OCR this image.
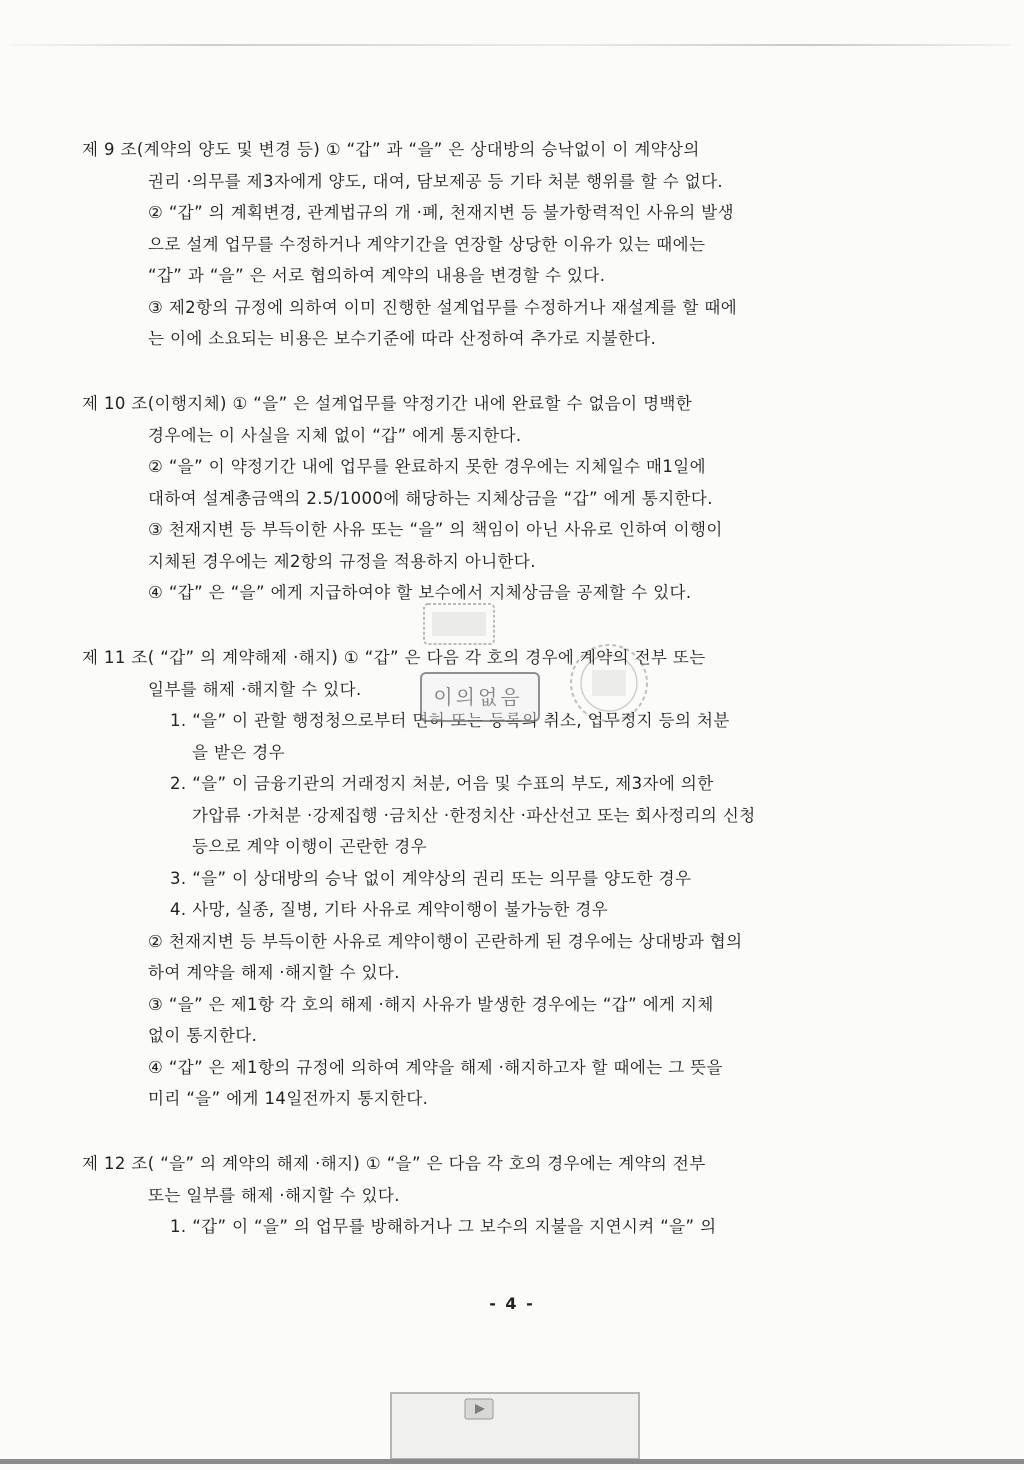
제 9 조(계약의 양도 및 변경 등) ① “갑” 과 “을” 은 상대방의 승낙없이 이 계약상의
권리 ·의무를 제3자에게 양도, 대여, 담보제공 등 기타 처분 행위를 할 수 없다.
② “갑” 의 계획변경, 관계법규의 개 ·폐, 천재지변 등 불가항력적인 사유의 발생
으로 설계 업무를 수정하거나 계약기간을 연장할 상당한 이유가 있는 때에는
“갑” 과 “을” 은 서로 협의하여 계약의 내용을 변경할 수 있다.
③ 제2항의 규정에 의하여 이미 진행한 설계업무를 수정하거나 재설계를 할 때에
는 이에 소요되는 비용은 보수기준에 따라 산정하여 추가로 지불한다.
제 10 조(이행지체) ① “을” 은 설계업무를 약정기간 내에 완료할 수 없음이 명백한
경우에는 이 사실을 지체 없이 “갑” 에게 통지한다.
② “을” 이 약정기간 내에 업무를 완료하지 못한 경우에는 지체일수 매1일에
대하여 설계총금액의 2.5/1000에 해당하는 지체상금을 “갑” 에게 통지한다.
③ 천재지변 등 부득이한 사유 또는 “을” 의 책임이 아닌 사유로 인하여 이행이
지체된 경우에는 제2항의 규정을 적용하지 아니한다.
④ “갑” 은 “을” 에게 지급하여야 할 보수에서 지체상금을 공제할 수 있다.
제 11 조( “갑” 의 계약해제 ·해지) ① “갑” 은 다음 각 호의 경우에 계약의 전부 또는
일부를 해제 ·해지할 수 있다.
1. “을” 이 관할 행정청으로부터 면허 또는 등록의 취소, 업무정지 등의 처분
을 받은 경우
2. “을” 이 금융기관의 거래정지 처분, 어음 및 수표의 부도, 제3자에 의한
가압류 ·가처분 ·강제집행 ·금치산 ·한정치산 ·파산선고 또는 회사정리의 신청
등으로 계약 이행이 곤란한 경우
3. “을” 이 상대방의 승낙 없이 계약상의 권리 또는 의무를 양도한 경우
4. 사망, 실종, 질병, 기타 사유로 계약이행이 불가능한 경우
② 천재지변 등 부득이한 사유로 계약이행이 곤란하게 된 경우에는 상대방과 협의
하여 계약을 해제 ·해지할 수 있다.
③ “을” 은 제1항 각 호의 해제 ·해지 사유가 발생한 경우에는 “갑” 에게 지체
없이 통지한다.
④ “갑” 은 제1항의 규정에 의하여 계약을 해제 ·해지하고자 할 때에는 그 뜻을
미리 “을” 에게 14일전까지 통지한다.
제 12 조( “을” 의 계약의 해제 ·해지) ① “을” 은 다음 각 호의 경우에는 계약의 전부
또는 일부를 해제 ·해지할 수 있다.
1. “갑” 이 “을” 의 업무를 방해하거나 그 보수의 지불을 지연시켜 “을” 의
이의없음
- 4 -
